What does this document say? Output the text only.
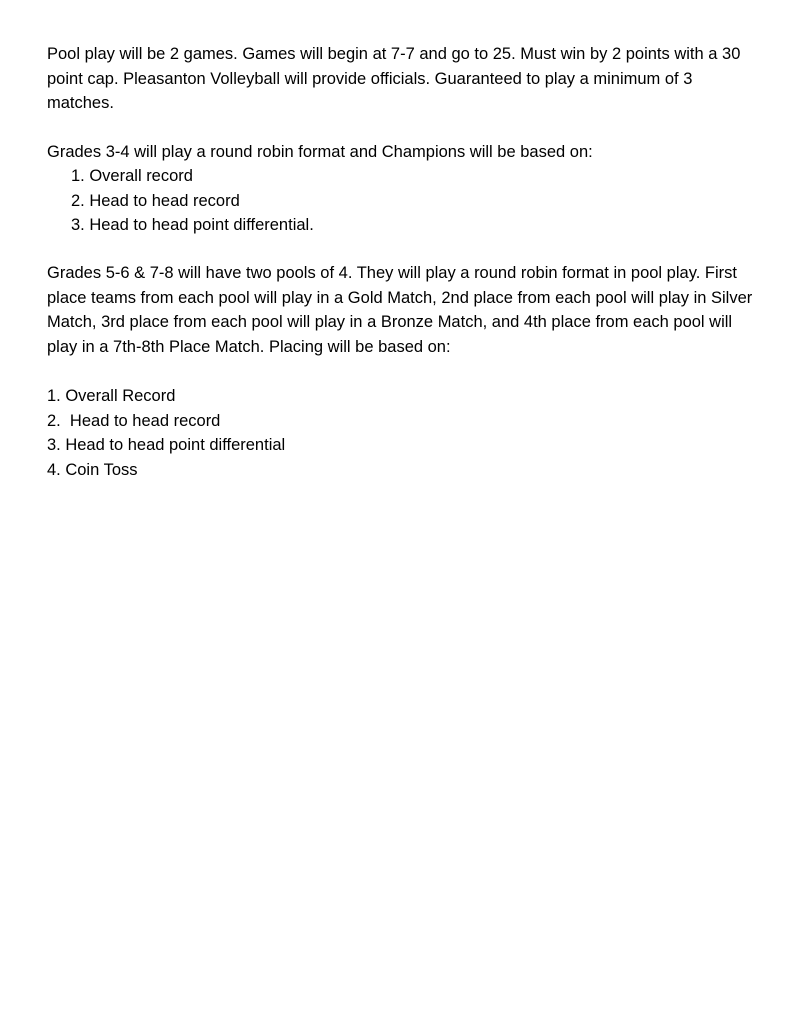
Pool play will be 2 games. Games will begin at 7-7 and go to 25. Must win by 2 points with a 30 point cap. Pleasanton Volleyball will provide officials. Guaranteed to play a minimum of 3 matches.

Grades 3-4 will play a round robin format and Champions will be based on:

1. Overall record
2. Head to head record
3. Head to head point differential.

Grades 5-6 & 7-8 will have two pools of 4. They will play a round robin format in pool play. First place teams from each pool will play in a Gold Match, 2nd place from each pool will play in Silver Match, 3rd place from each pool will play in a Bronze Match, and 4th place from each pool will play in a 7th-8th Place Match. Placing will be based on:

1. Overall Record
2.  Head to head record
3. Head to head point differential
4. Coin Toss
